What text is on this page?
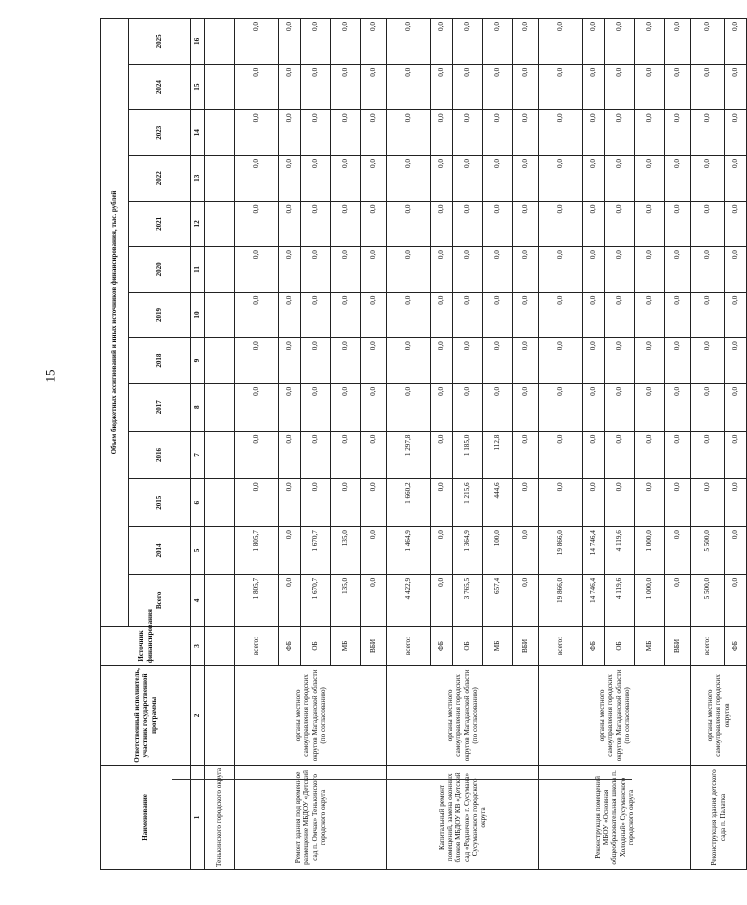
15
Наименование	Ответственный исполнитель, участник государственной программы	Источник финансирования	Объем бюджетных ассигнований и иных источников финансирования, тыс. рублей												
			Всего	2014	2015	2016	2017	2018	2019	2020	2021	2022	2023	2024	2025
1	2	3	4	5	6	7	8	9	10	11	12	13	14	15	16
Тенькинского городского округа															
Ремонт здания под временное размещение МБДОУ «Детский сад п. Омчак» Тенькинского городского округа	органы местного самоуправления городских округов Магаданской области (по согласованию)	всего:	1 805,7	1 805,7	0,0	0,0	0,0	0,0	0,0	0,0	0,0	0,0	0,0	0,0	0,0
		ФБ	0,0	0,0	0,0	0,0	0,0	0,0	0,0	0,0	0,0	0,0	0,0	0,0	0,0
		ОБ	1 670,7	1 670,7	0,0	0,0	0,0	0,0	0,0	0,0	0,0	0,0	0,0	0,0	0,0
		МБ	135,0	135,0	0,0	0,0	0,0	0,0	0,0	0,0	0,0	0,0	0,0	0,0	0,0
		ВБИ	0,0	0,0	0,0	0,0	0,0	0,0	0,0	0,0	0,0	0,0	0,0	0,0	0,0
Капитальный ремонт помещений, замена оконных блоков МБДОУ КВ «Детский сад «Родничок» г. Сусумана» Сусуманского городского округа	органы местного самоуправления городских округов Магаданской области (по согласованию)	всего:	4 422,9	1 464,9	1 660,2	1 297,8	0,0	0,0	0,0	0,0	0,0	0,0	0,0	0,0	0,0
		ФБ	0,0	0,0	0,0	0,0	0,0	0,0	0,0	0,0	0,0	0,0	0,0	0,0	0,0
		ОБ	3 765,5	1 364,9	1 215,6	1 185,0	0,0	0,0	0,0	0,0	0,0	0,0	0,0	0,0	0,0
		МБ	657,4	100,0	444,6	112,8	0,0	0,0	0,0	0,0	0,0	0,0	0,0	0,0	0,0
		ВБИ	0,0	0,0	0,0	0,0	0,0	0,0	0,0	0,0	0,0	0,0	0,0	0,0	0,0
Реконструкция помещений МБОУ «Основная общеобразовательная школа п. Холодный» Сусуманского городского округа	органы местного самоуправления городских округов Магаданской области (по согласованию)	всего:	19 866,0	19 866,0	0,0	0,0	0,0	0,0	0,0	0,0	0,0	0,0	0,0	0,0	0,0
		ФБ	14 746,4	14 746,4	0,0	0,0	0,0	0,0	0,0	0,0	0,0	0,0	0,0	0,0	0,0
		ОБ	4 119,6	4 119,6	0,0	0,0	0,0	0,0	0,0	0,0	0,0	0,0	0,0	0,0	0,0
		МБ	1 000,0	1 000,0	0,0	0,0	0,0	0,0	0,0	0,0	0,0	0,0	0,0	0,0	0,0
		ВБИ	0,0	0,0	0,0	0,0	0,0	0,0	0,0	0,0	0,0	0,0	0,0	0,0	0,0
Реконструкция здания детского сада п. Палатка	органы местного самоуправления городских округов	всего:	5 500,0	5 500,0	0,0	0,0	0,0	0,0	0,0	0,0	0,0	0,0	0,0	0,0	0,0
		ФБ	0,0	0,0	0,0	0,0	0,0	0,0	0,0	0,0	0,0	0,0	0,0	0,0	0,0
